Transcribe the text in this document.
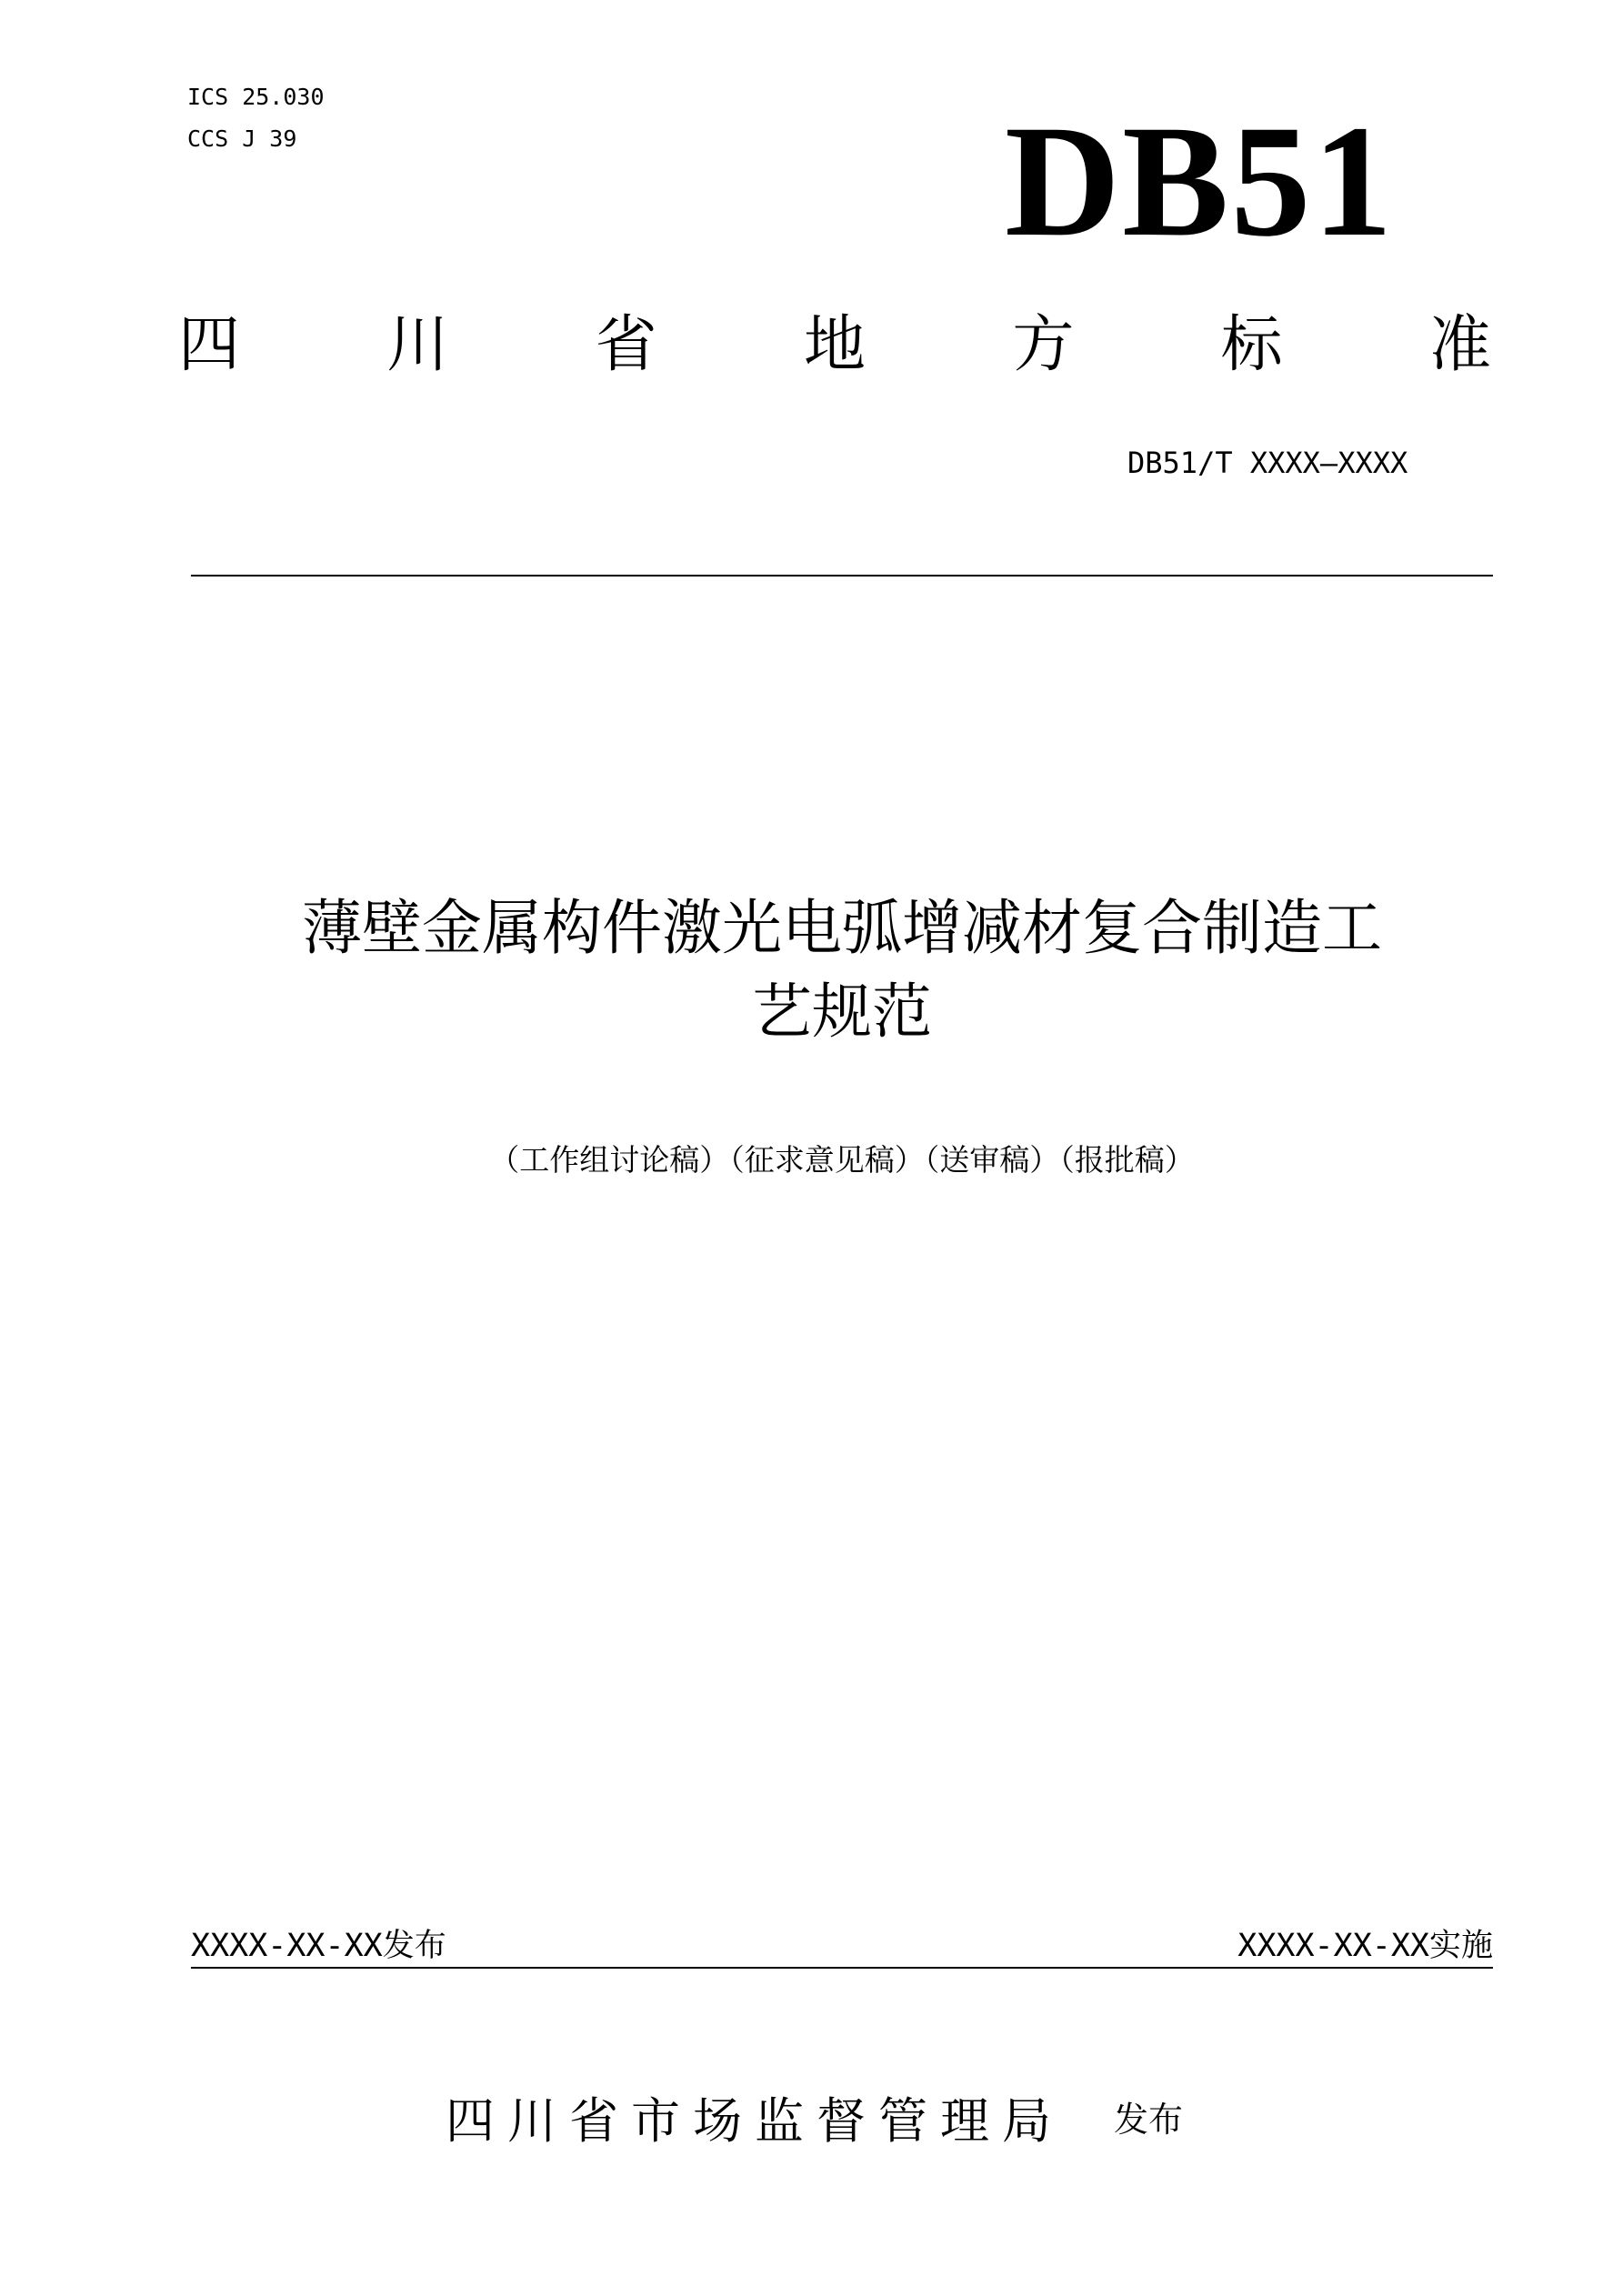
ICS 25.030
CCS J 39	DB51
四 川 省 地 方 标 准
DB51/T XXXX—XXXX
薄壁金属构件激光电弧增减材复合制造工
艺规范
（工作组讨论稿）（征求意见稿）（送审稿）（报批稿）
XXXX-XX-XX发布	XXXX-XX-XX实施
四川省市场监督管理局 发布
